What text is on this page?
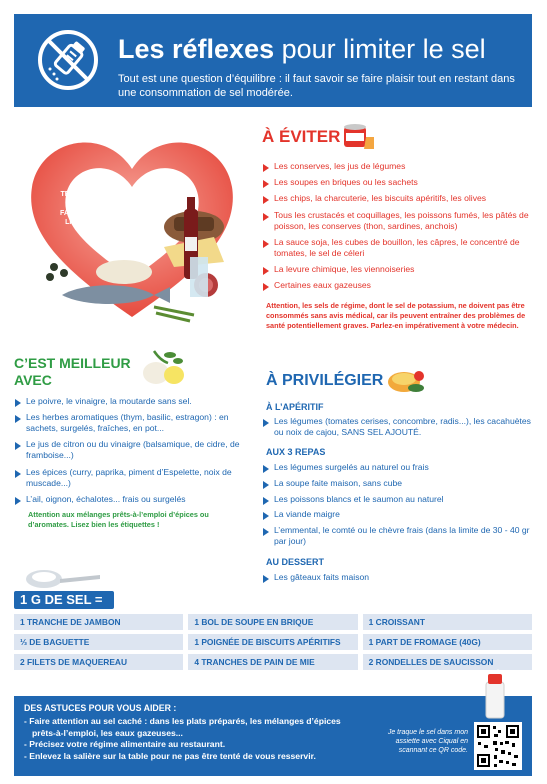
Les réflexes pour limiter le sel
Tout est une question d’équilibre : il faut savoir se faire plaisir tout en restant dans une consommation de sel modérée.
TROP DE SEL AUGMENTE LE TRAVAIL DU COEUR ET FAVORISE LA RÉTENTION DE LIQUIDE DANS LE CORPS.
À ÉVITER
Les conserves, les jus de légumes
Les soupes en briques ou les sachets
Les chips, la charcuterie, les biscuits apéritifs, les olives
Tous les crustacés et coquillages, les poissons fumés, les pâtés de poisson, les conserves (thon, sardines, anchois)
La sauce soja, les cubes de bouillon, les câpres, le concentré de tomates, le sel de céleri
La levure chimique, les viennoiseries
Certaines eaux gazeuses
Attention, les sels de régime, dont le sel de potassium, ne doivent pas être consommés sans avis médical, car ils peuvent entraîner des problèmes de santé potentiellement graves. Parlez-en impérativement à votre médecin.
C’EST MEILLEUR
AVEC
Le poivre, le vinaigre, la moutarde sans sel.
Les herbes aromatiques (thym, basilic, estragon) : en sachets, surgelés, fraîches, en pot...
Le jus de citron ou du vinaigre (balsamique, de cidre, de framboise...)
Les épices (curry, paprika, piment d’Espelette, noix de muscade...)
L’ail, oignon, échalotes... frais ou surgelés
Attention aux mélanges prêts-à-l’emploi d’épices ou d’aromates. Lisez bien les étiquettes !
À PRIVILÉGIER
À L’APÉRITIF
Les légumes (tomates cerises, concombre, radis...), les cacahuètes ou noix de cajou, SANS SEL AJOUTÉ.
AUX 3 REPAS
Les légumes surgelés au naturel ou frais
La soupe faite maison, sans cube
Les poissons blancs et le saumon au naturel
La viande maigre
L’emmental, le comté ou le chèvre frais (dans la limite de 30 - 40 gr par jour)
AU DESSERT
Les gâteaux faits maison
1 G DE SEL =
1 TRANCHE DE JAMBON	1 BOL DE SOUPE EN BRIQUE	1 CROISSANT
⅓ DE BAGUETTE	1 POIGNÉE DE BISCUITS APÉRITIFS	1 PART DE FROMAGE (40G)
2 FILETS DE MAQUEREAU	4 TRANCHES DE PAIN DE MIE	2 RONDELLES DE SAUCISSON
DES ASTUCES POUR VOUS AIDER :
- Faire attention au sel caché : dans les plats préparés, les mélanges d’épices
prêts-à-l’emploi, les eaux gazeuses...
- Précisez votre régime alimentaire au restaurant.
- Enlevez la salière sur la table pour ne pas être tenté de vous resservir.
Je traque le sel dans mon assiette avec Ciqual en scannant ce QR code.
